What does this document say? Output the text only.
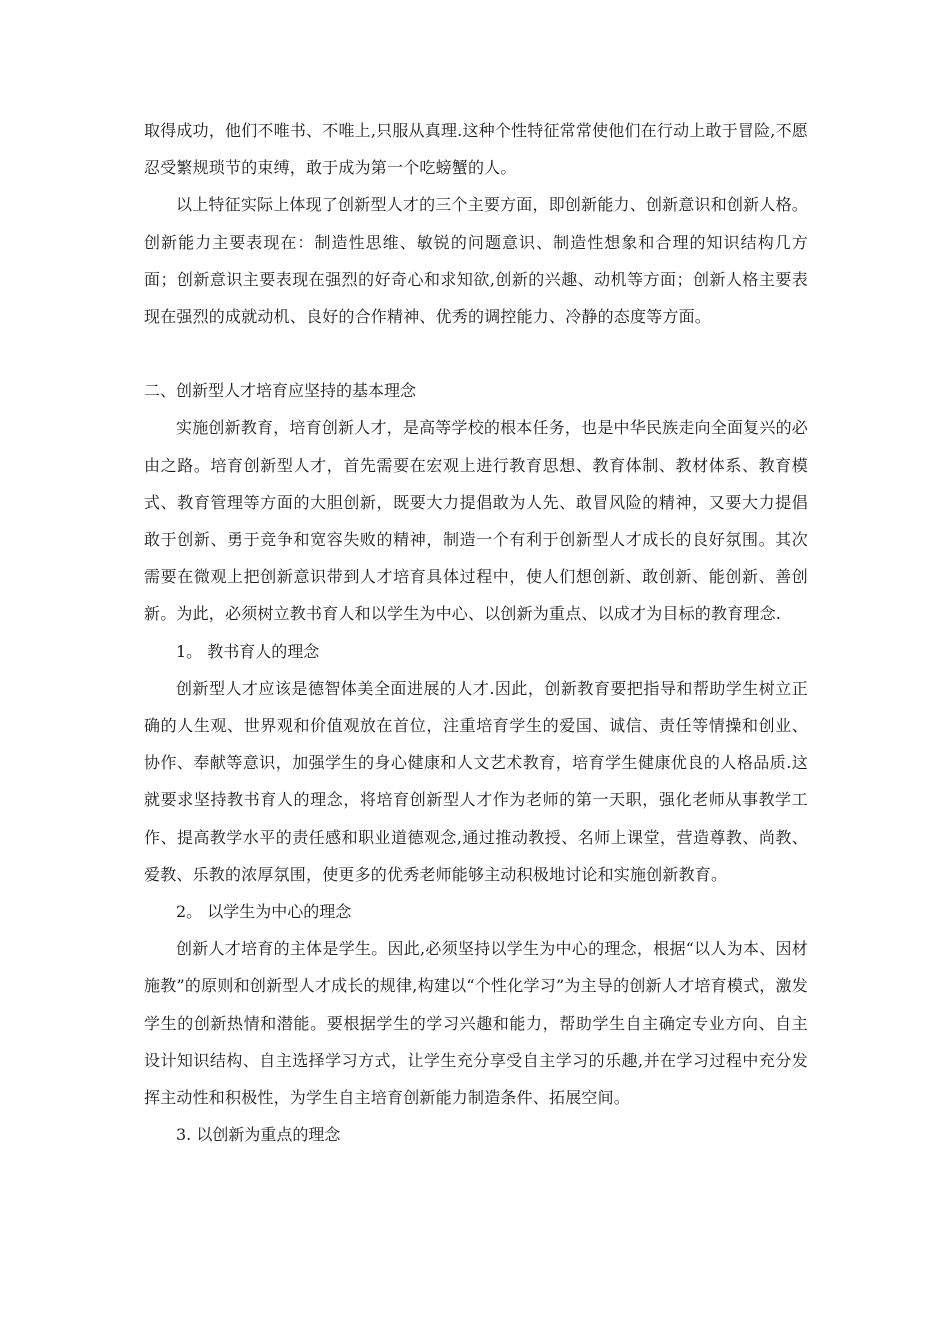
取得成功，他们不唯书、不唯上,只服从真理.这种个性特征常常使他们在行动上敢于冒险,不愿忍受繁规琐节的束缚，敢于成为第一个吃螃蟹的人。

以上特征实际上体现了创新型人才的三个主要方面，即创新能力、创新意识和创新人格。创新能力主要表现在：制造性思维、敏锐的问题意识、制造性想象和合理的知识结构几方面；创新意识主要表现在强烈的好奇心和求知欲,创新的兴趣、动机等方面；创新人格主要表现在强烈的成就动机、良好的合作精神、优秀的调控能力、冷静的态度等方面。

二、创新型人才培育应坚持的基本理念

实施创新教育，培育创新人才，是高等学校的根本任务，也是中华民族走向全面复兴的必由之路。培育创新型人才，首先需要在宏观上进行教育思想、教育体制、教材体系、教育模式、教育管理等方面的大胆创新，既要大力提倡敢为人先、敢冒风险的精神，又要大力提倡敢于创新、勇于竞争和宽容失败的精神，制造一个有利于创新型人才成长的良好氛围。其次需要在微观上把创新意识带到人才培育具体过程中，使人们想创新、敢创新、能创新、善创新。为此，必须树立教书育人和以学生为中心、以创新为重点、以成才为目标的教育理念.

1。 教书育人的理念

创新型人才应该是德智体美全面进展的人才.因此，创新教育要把指导和帮助学生树立正确的人生观、世界观和价值观放在首位，注重培育学生的爱国、诚信、责任等情操和创业、协作、奉献等意识，加强学生的身心健康和人文艺术教育，培育学生健康优良的人格品质.这就要求坚持教书育人的理念，将培育创新型人才作为老师的第一天职，强化老师从事教学工作、提高教学水平的责任感和职业道德观念,通过推动教授、名师上课堂，营造尊教、尚教、爱教、乐教的浓厚氛围，使更多的优秀老师能够主动积极地讨论和实施创新教育。

2。 以学生为中心的理念

创新人才培育的主体是学生。因此,必须坚持以学生为中心的理念，根据“以人为本、因材施教”的原则和创新型人才成长的规律,构建以“个性化学习”为主导的创新人才培育模式，激发学生的创新热情和潜能。要根据学生的学习兴趣和能力，帮助学生自主确定专业方向、自主设计知识结构、自主选择学习方式，让学生充分享受自主学习的乐趣,并在学习过程中充分发挥主动性和积极性，为学生自主培育创新能力制造条件、拓展空间。

3. 以创新为重点的理念
